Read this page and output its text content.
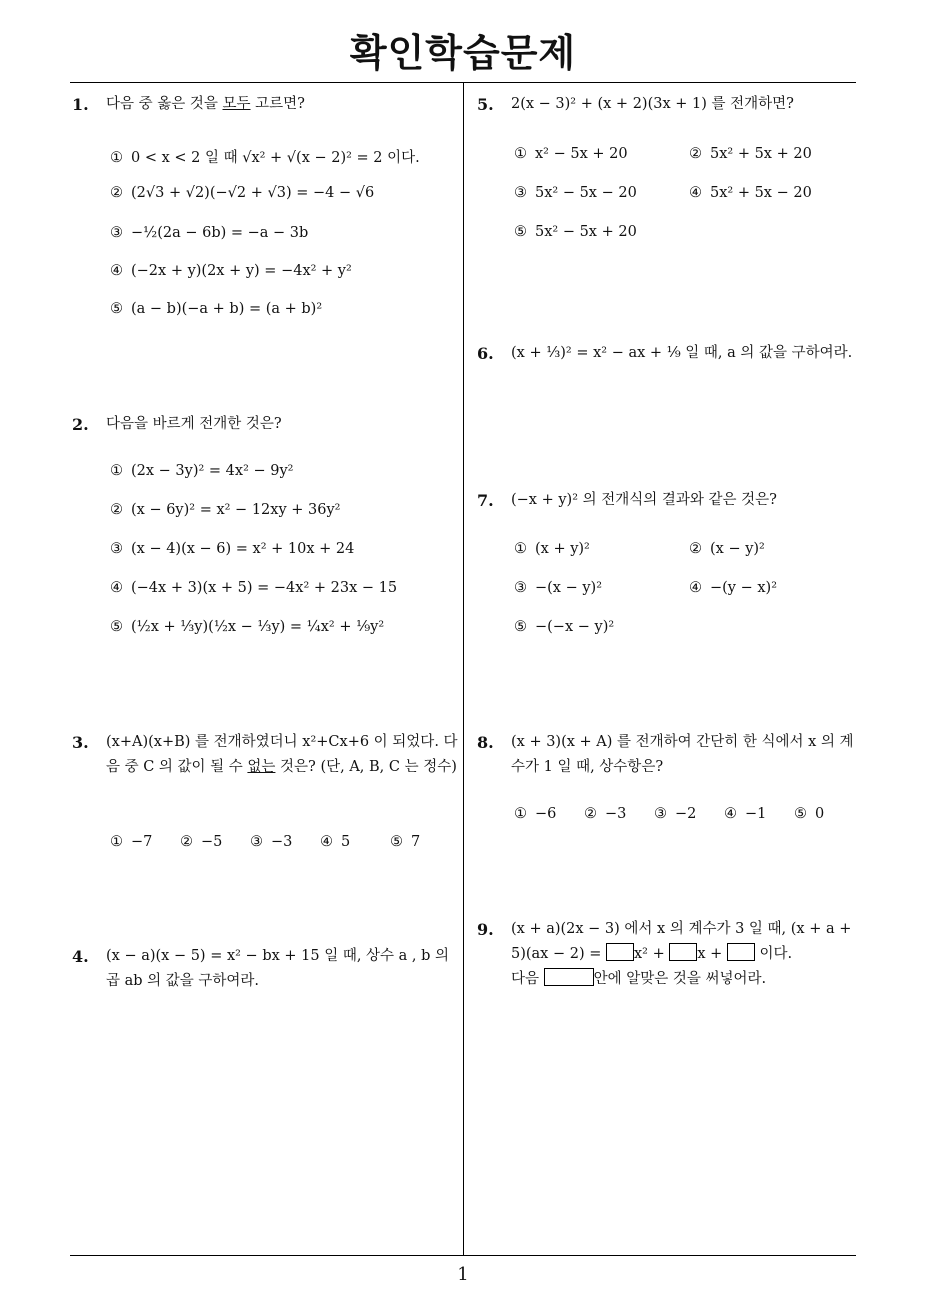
확인학습문제
1
1. 다음 중 옳은 것을 모두 고르면?
① 0 < x < 2 일 때 √x² + √(x − 2)² = 2 이다.
② (2√3 + √2)(−√2 + √3) = −4 − √6
③ −½(2a − 6b) = −a − 3b
④ (−2x + y)(2x + y) = −4x² + y²
⑤ (a − b)(−a + b) = (a + b)²
2. 다음을 바르게 전개한 것은?
① (2x − 3y)² = 4x² − 9y²
② (x − 6y)² = x² − 12xy + 36y²
③ (x − 4)(x − 6) = x² + 10x + 24
④ (−4x + 3)(x + 5) = −4x² + 23x − 15
⑤ (½x + ⅓y)(½x − ⅓y) = ¼x² + ⅑y²
3. (x+A)(x+B) 를 전개하였더니 x²+Cx+6 이 되었다. 다음 중 C 의 값이 될 수 없는 것은? (단, A, B, C 는 정수)
① −7 ② −5 ③ −3 ④ 5	⑤ 7
4. (x − a)(x − 5) = x² − bx + 15 일 때, 상수 a , b 의 곱 ab 의 값을 구하여라.
5. 2(x − 3)² + (x + 2)(3x + 1) 를 전개하면?
① x² − 5x + 20	② 5x² + 5x + 20
③ 5x² − 5x − 20	④ 5x² + 5x − 20
⑤ 5x² − 5x + 20
6. (x + ⅓)² = x² − ax + ⅑ 일 때, a 의 값을 구하여라.
7. (−x + y)² 의 전개식의 결과와 같은 것은?
① (x + y)²	② (x − y)²
③ −(x − y)²	④ −(y − x)²
⑤ −(−x − y)²
8. (x + 3)(x + A) 를 전개하여 간단히 한 식에서 x 의 계수가 1 일 때, 상수항은?
① −6 ② −3 ③ −2 ④ −1 ⑤ 0
9. (x + a)(2x − 3) 에서 x 의 계수가 3 일 때, (x + a +
5)(ax − 2) = x² + x +	이다.
다음	안에 알맞은 것을 써넣어라.
